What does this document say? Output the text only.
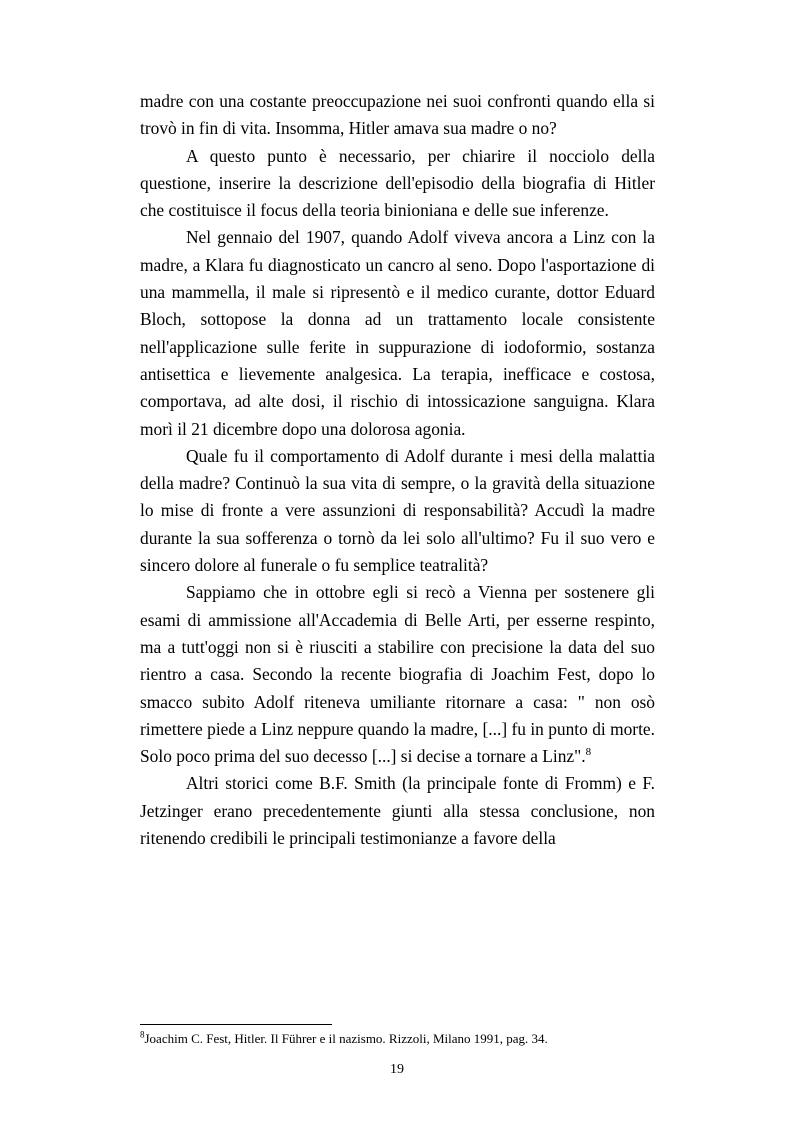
madre con una costante preoccupazione nei suoi confronti quando ella si trovò in fin di vita. Insomma, Hitler amava sua madre o no?

A questo punto è necessario, per chiarire il nocciolo della questione, inserire la descrizione dell'episodio della biografia di Hitler che costituisce il focus della teoria binioniana e delle sue inferenze.

Nel gennaio del 1907, quando Adolf viveva ancora a Linz con la madre, a Klara fu diagnosticato un cancro al seno. Dopo l'asportazione di una mammella, il male si ripresentò e il medico curante, dottor Eduard Bloch, sottopose la donna ad un trattamento locale consistente nell'applicazione sulle ferite in suppurazione di iodoformio, sostanza antisettica e lievemente analgesica. La terapia, inefficace e costosa, comportava, ad alte dosi, il rischio di intossicazione sanguigna. Klara morì il 21 dicembre dopo una dolorosa agonia.

Quale fu il comportamento di Adolf durante i mesi della malattia della madre? Continuò la sua vita di sempre, o la gravità della situazione lo mise di fronte a vere assunzioni di responsabilità? Accudì la madre durante la sua sofferenza o tornò da lei solo all'ultimo? Fu il suo vero e sincero dolore al funerale o fu semplice teatralità?

Sappiamo che in ottobre egli si recò a Vienna per sostenere gli esami di ammissione all'Accademia di Belle Arti, per esserne respinto, ma a tutt'oggi non si è riusciti a stabilire con precisione la data del suo rientro a casa. Secondo la recente biografia di Joachim Fest, dopo lo smacco subito Adolf riteneva umiliante ritornare a casa: " non osò rimettere piede a Linz neppure quando la madre, [...] fu in punto di morte. Solo poco prima del suo decesso [...] si decise a tornare a Linz".$^8$

Altri storici come B.F. Smith (la principale fonte di Fromm) e F. Jetzinger erano precedentemente giunti alla stessa conclusione, non ritenendo credibili le principali testimonianze a favore della

$^8$Joachim C. Fest, Hitler. Il Führer e il nazismo. Rizzoli, Milano 1991, pag. 34.
19
